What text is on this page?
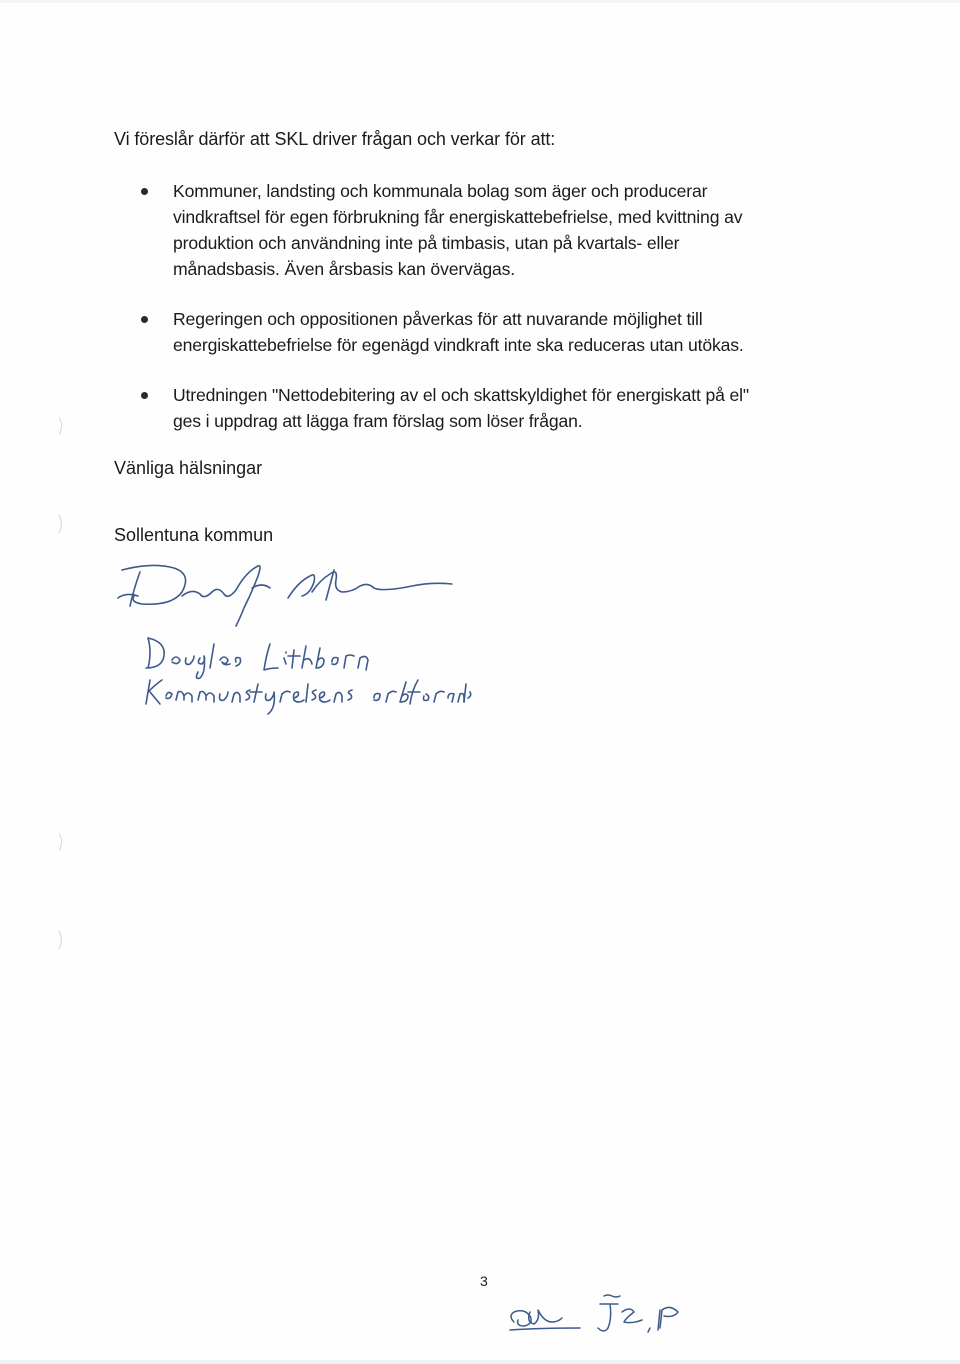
Vi föreslår därför att SKL driver frågan och verkar för att:

Kommuner, landsting och kommunala bolag som äger och producerar
vindkraftsel för egen förbrukning får energiskattebefrielse, med kvittning av
produktion och användning inte på timbasis, utan på kvartals- eller
månadsbasis. Även årsbasis kan övervägas.
Regeringen och oppositionen påverkas för att nuvarande möjlighet till
energiskattebefrielse för egenägd vindkraft inte ska reduceras utan utökas.
Utredningen "Nettodebitering av el och skattskyldighet för energiskatt på el"
ges i uppdrag att lägga fram förslag som löser frågan.

Vänliga hälsningar

Sollentuna kommun

3
